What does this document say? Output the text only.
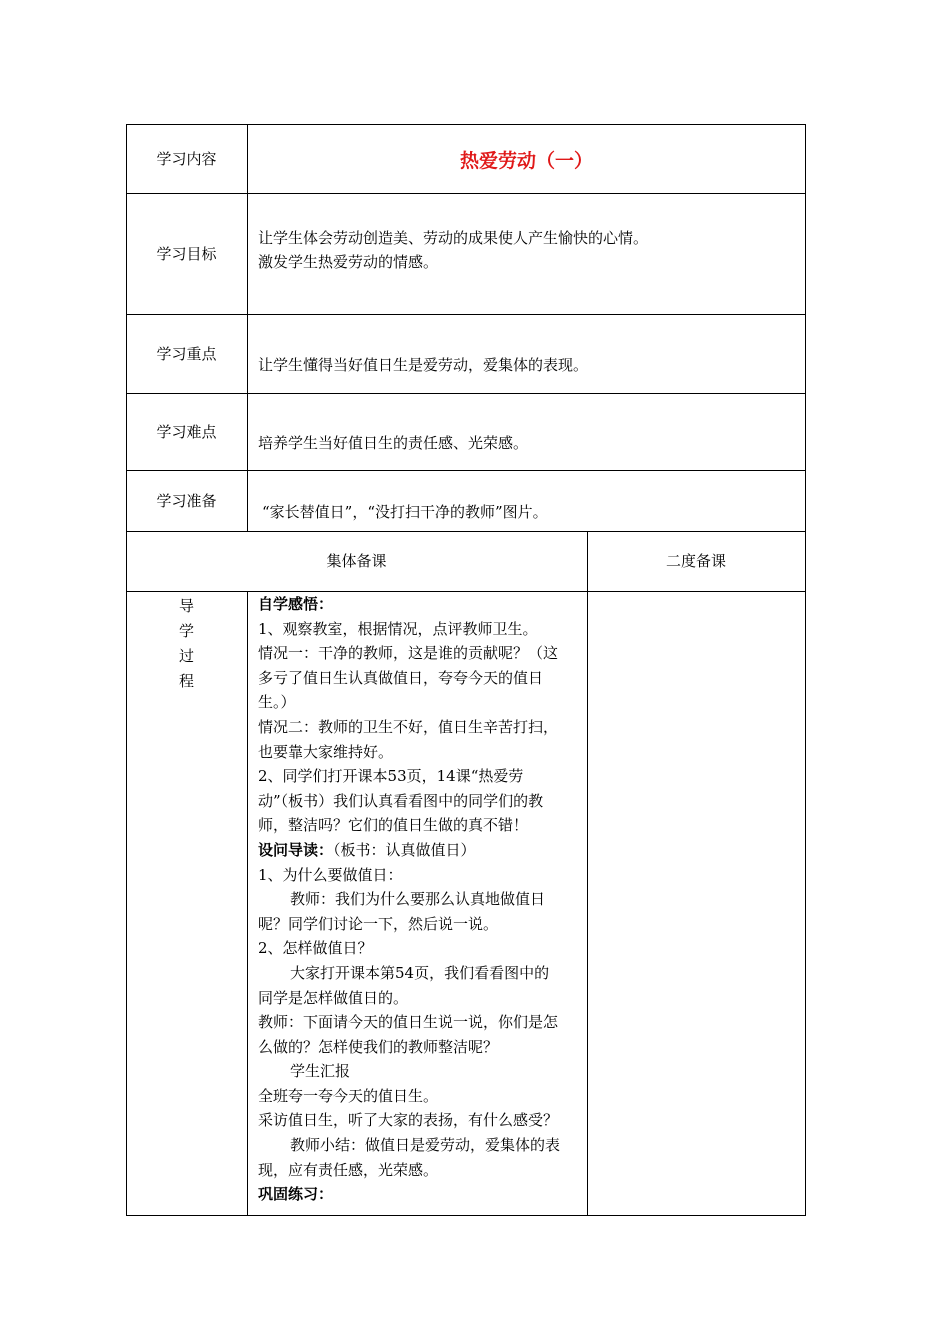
学习内容	热爱劳动（一）
学习目标
让学生体会劳动创造美、劳动的成果使人产生愉快的心情。
激发学生热爱劳动的情感。
学习重点
让学生懂得当好值日生是爱劳动，爱集体的表现。
学习难点
培养学生当好值日生的责任感、光荣感。
学习准备
“家长替值日”，“没打扫干净的教师”图片。
集体备课	二度备课
导
学
过
程
自学感悟：
1、观察教室，根据情况，点评教师卫生。
情况一：干净的教师，这是谁的贡献呢？（这
多亏了值日生认真做值日，夸夸今天的值日
生。）
情况二：教师的卫生不好，值日生辛苦打扫，
也要靠大家维持好。
2、同学们打开课本53页，14课“热爱劳
动”（板书）我们认真看看图中的同学们的教
师，整洁吗？它们的值日生做的真不错！
设问导读：（板书：认真做值日）
1、为什么要做值日：
教师：我们为什么要那么认真地做值日
呢？同学们讨论一下，然后说一说。
2、怎样做值日？
大家打开课本第54页，我们看看图中的
同学是怎样做值日的。
教师：下面请今天的值日生说一说，你们是怎
么做的？怎样使我们的教师整洁呢？
学生汇报
全班夸一夸今天的值日生。
采访值日生，听了大家的表扬，有什么感受？
教师小结：做值日是爱劳动，爱集体的表
现，应有责任感，光荣感。
巩固练习：
